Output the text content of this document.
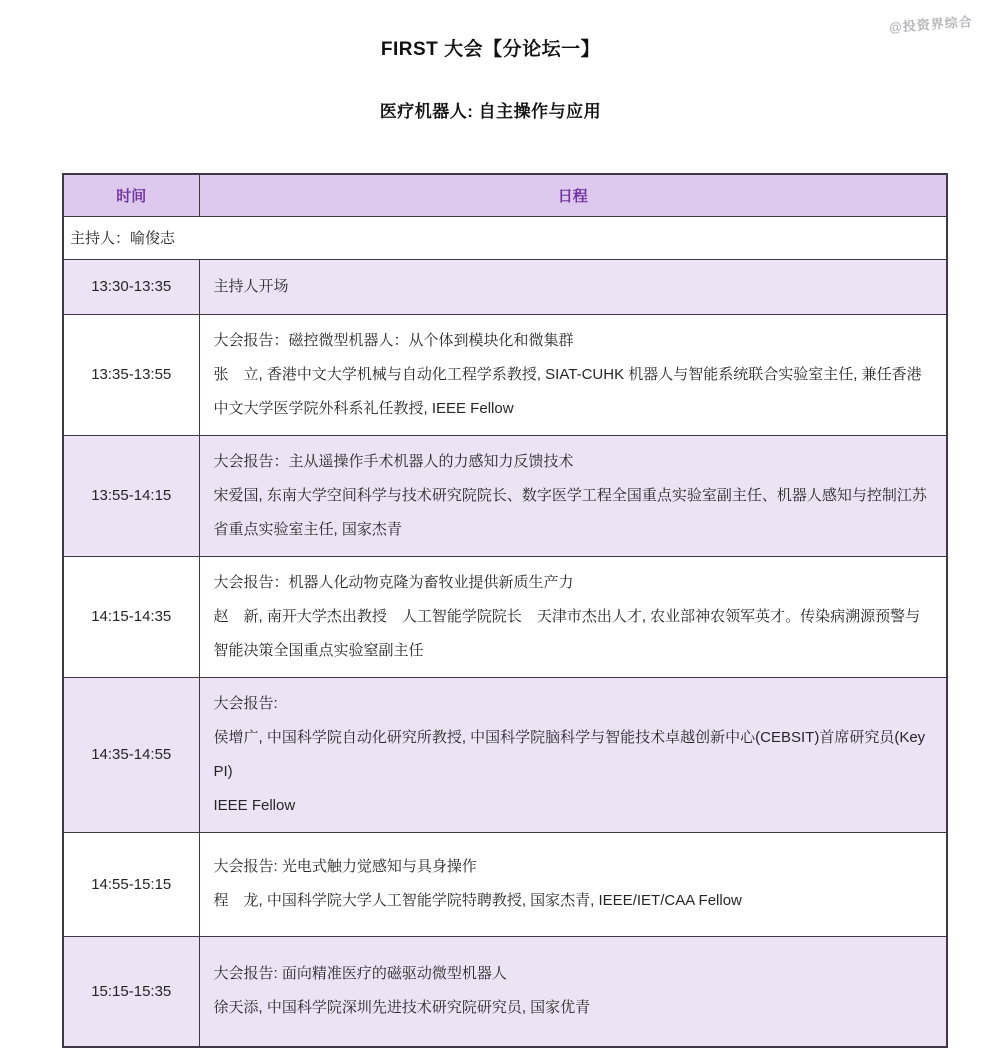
@投资界综合
FIRST 大会【分论坛一】
医疗机器人: 自主操作与应用
时间	日程
主持人：喻俊志	
13:30-13:35	主持人开场

13:35-13:55	大会报告：磁控微型机器人：从个体到模块化和微集群
张　立, 香港中文大学机械与自动化工程学系教授, SIAT-CUHK 机器人与智能系统联合实验室主任, 兼任香港中文大学医学院外科系礼任教授, IEEE Fellow

13:55-14:15	大会报告：主从遥操作手术机器人的力感知力反馈技术
宋爱国, 东南大学空间科学与技术研究院院长、数字医学工程全国重点实验室副主任、机器人感知与控制江苏省重点实验室主任, 国家杰青

14:15-14:35	大会报告：机器人化动物克隆为畜牧业提供新质生产力
赵　新, 南开大学杰出教授　人工智能学院院长　天津市杰出人才, 农业部神农领军英才。传染病溯源预警与智能决策全国重点实验窒副主任

14:35-14:55	大会报告:
侯增广, 中国科学院自动化研究所教授, 中国科学院脑科学与智能技术卓越创新中心(CEBSIT)首席研究员(Key PI)
IEEE Fellow

14:55-15:15	大会报告: 光电式触力觉感知与具身操作
程　龙, 中国科学院大学人工智能学院特聘教授, 国家杰青, IEEE/IET/CAA Fellow

15:15-15:35	大会报告: 面向精准医疗的磁驱动微型机器人
徐天添, 中国科学院深圳先进技术研究院研究员, 国家优青
